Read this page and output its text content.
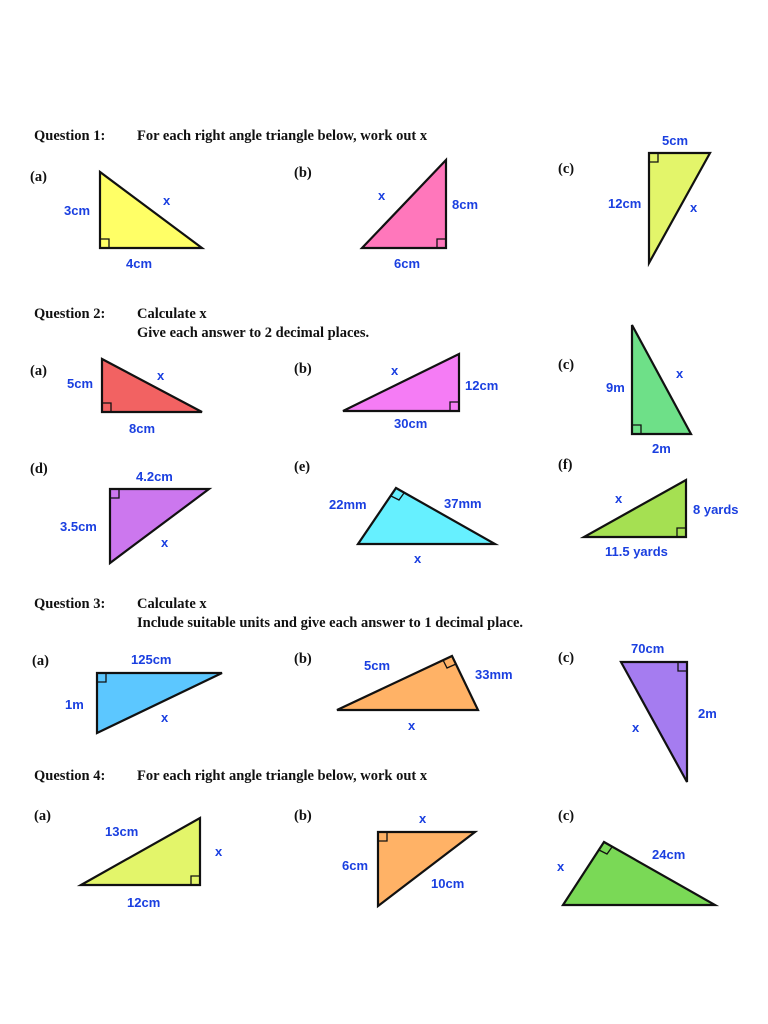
Question 1: For each right angle triangle below, work out x
Question 2: Calculate x
Give each answer to 2 decimal places.
Question 3: Calculate x
Include suitable units and give each answer to 1 decimal place.
Question 4: For each right angle triangle below, work out x
(a)	(b)	(c)
(a)	(b)	(c)
(d)	(e)	(f)
(a)	(b)	(c)
(a)	(b)	(c)
3cm
4cm
x	x
8cm
6cm
5cm
12cm	x
5cm
x
8cm
x
12cm
30cm
9m
x
2m
4.2cm
3.5cm
x
22mm	37mm
x
x
8 yards
11.5 yards
125cm
1m
x
5cm
33mm
x
70cm
2m
x
13cm
x
12cm
x
6cm
10cm
24cm
x
